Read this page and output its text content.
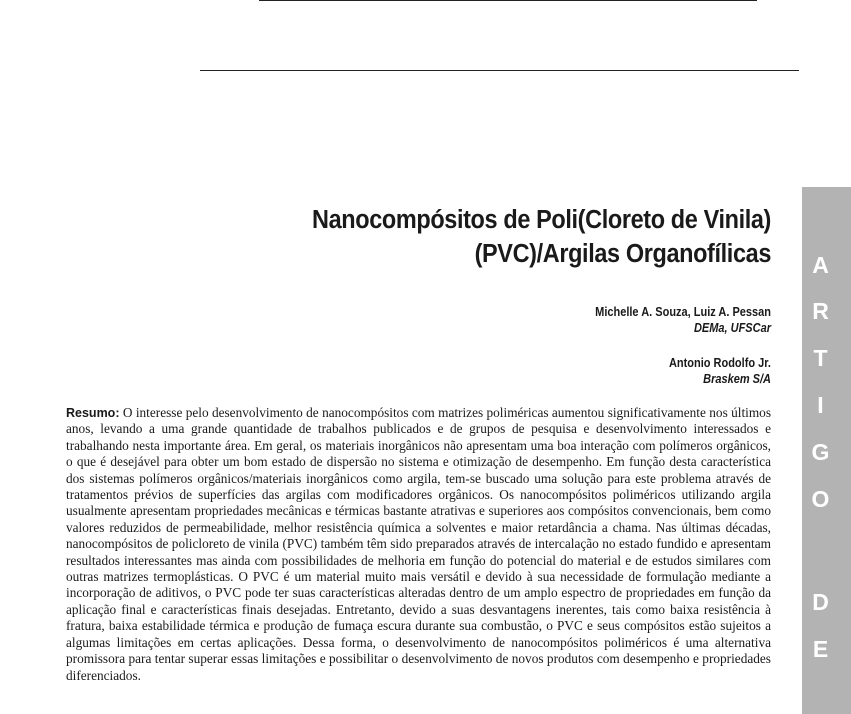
Nanocompósitos de Poli(Cloreto de Vinila)
(PVC)/Argilas Organofílicas
Michelle A. Souza, Luiz A. Pessan
DEMa, UFSCar
Antonio Rodolfo Jr.
Braskem S/A
Resumo: O interesse pelo desenvolvimento de nanocompósitos com matrizes poliméricas aumentou significativamente nos últimos anos, levando a uma grande quantidade de trabalhos publicados e de grupos de pesquisa e desenvolvimento interessados e trabalhando nesta importante área. Em geral, os materiais inorgânicos não apresentam uma boa interação com polímeros orgânicos, o que é desejável para obter um bom estado de dispersão no sistema e otimização de desempenho. Em função desta característica dos sistemas polímeros orgânicos/materiais inorgânicos como argila, tem-se buscado uma solução para este problema através de tratamentos prévios de superfícies das argilas com modificadores orgânicos. Os nanocompósitos poliméricos utilizando argila usualmente apresentam propriedades mecânicas e térmicas bastante atrativas e superiores aos compósitos convencionais, bem como valores reduzidos de permeabilidade, melhor resistência química a solventes e maior retardância a chama. Nas últimas décadas, nanocompósitos de policloreto de vinila (PVC) também têm sido preparados através de intercalação no estado fundido e apresentam resultados interessantes mas ainda com possibilidades de melhoria em função do potencial do material e de estudos similares com outras matrizes termoplásticas. O PVC é um material muito mais versátil e devido à sua necessidade de formulação mediante a incorporação de aditivos, o PVC pode ter suas características alteradas dentro de um amplo espectro de propriedades em função da aplicação final e características finais desejadas. Entretanto, devido a suas desvantagens inerentes, tais como baixa resistência à fratura, baixa estabilidade térmica e produção de fumaça escura durante sua combustão, o PVC e seus compósitos estão sujeitos a algumas limitações em certas aplicações. Dessa forma, o desenvolvimento de nanocompósitos poliméricos é uma alternativa promissora para tentar superar essas limitações e possibilitar o desenvolvimento de novos produtos com desempenho e propriedades diferenciados.
A
R
T
I
G
O
D
E
